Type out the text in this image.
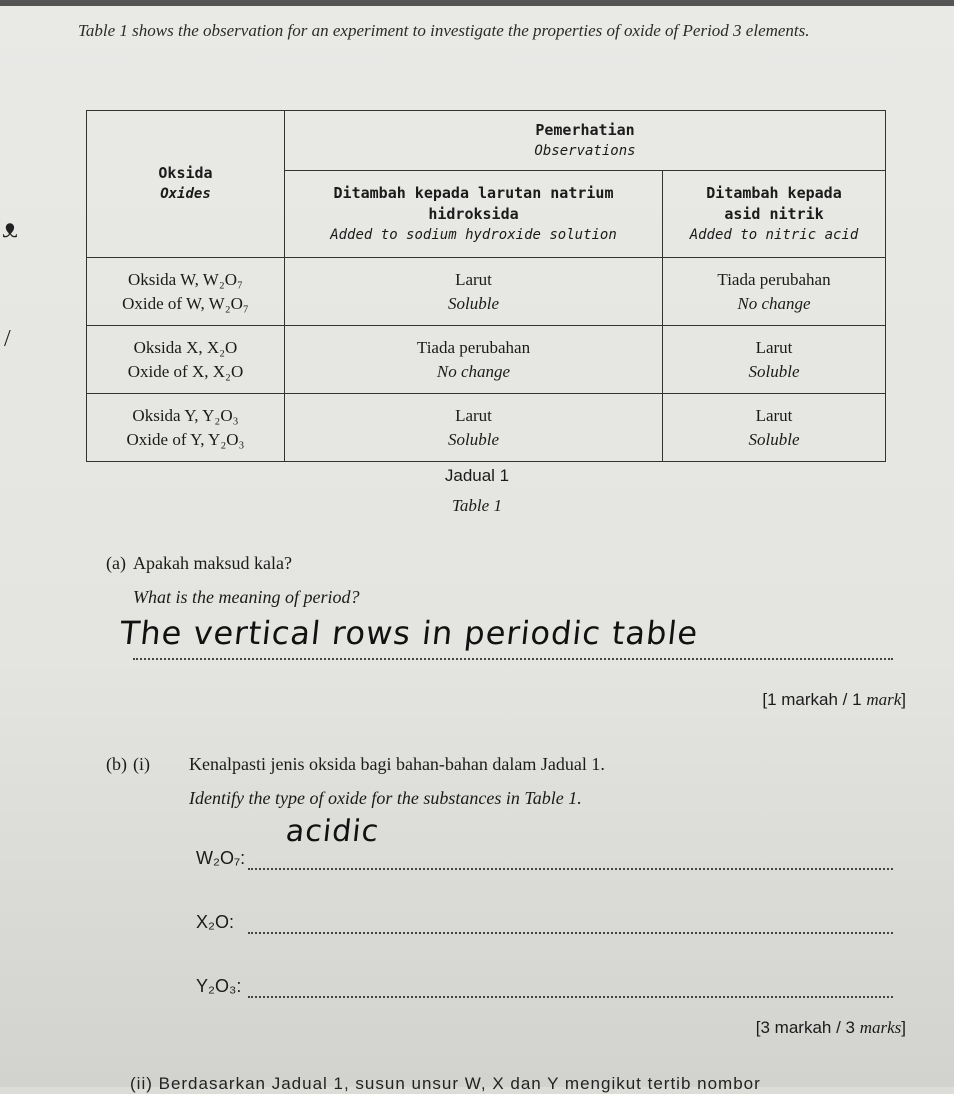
Table 1 shows the observation for an experiment to investigate the properties of oxide of Period 3 elements.
ᴥ
/
Oksida
Oxides	Pemerhatian
Observations	

	Ditambah kepada larutan natrium
hidroksida
Added to sodium hydroxide solution	Ditambah kepada
asid nitrik
Added to nitric acid

Oksida W, W₂O₇
Oxide of W, W₂O₇	Larut
Soluble	Tiada perubahan
No change

Oksida X, X₂O
Oxide of X, X₂O	Tiada perubahan
No change	Larut
Soluble

Oksida Y, Y₂O₃
Oxide of Y, Y₂O₃	Larut
Soluble	Larut
Soluble
Jadual 1
Table 1
(a) Apakah maksud kala?
What is the meaning of period?
The vertical rows in periodic table
[1 markah / 1 mark]
(b) (i) Kenalpasti jenis oksida bagi bahan-bahan dalam Jadual 1.
Identify the type of oxide for the substances in Table 1.
W₂O₇:
acidic
X₂O:
Y₂O₃:
[3 markah / 3 marks]
(ii) Berdasarkan Jadual 1, susun unsur W, X dan Y mengikut tertib nombor
